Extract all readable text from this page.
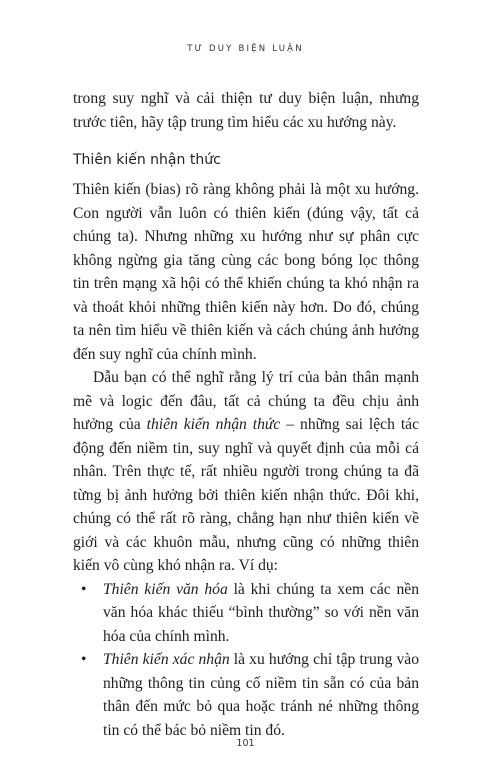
TƯ DUY BIỆN LUẬN

trong suy nghĩ và cải thiện tư duy biện luận, nhưng trước tiên, hãy tập trung tìm hiểu các xu hướng này.

Thiên kiến nhận thức

Thiên kiến (bias) rõ ràng không phải là một xu hướng. Con người vẫn luôn có thiên kiến (đúng vậy, tất cả chúng ta). Nhưng những xu hướng như sự phân cực không ngừng gia tăng cùng các bong bóng lọc thông tin trên mạng xã hội có thể khiến chúng ta khó nhận ra và thoát khỏi những thiên kiến này hơn. Do đó, chúng ta nên tìm hiểu về thiên kiến và cách chúng ảnh hưởng đến suy nghĩ của chính mình.

Dẫu bạn có thể nghĩ rằng lý trí của bản thân mạnh mẽ và logic đến đâu, tất cả chúng ta đều chịu ảnh hưởng của thiên kiến nhận thức – những sai lệch tác động đến niềm tin, suy nghĩ và quyết định của mỗi cá nhân. Trên thực tế, rất nhiều người trong chúng ta đã từng bị ảnh hưởng bởi thiên kiến nhận thức. Đôi khi, chúng có thể rất rõ ràng, chẳng hạn như thiên kiến về giới và các khuôn mẫu, nhưng cũng có những thiên kiến vô cùng khó nhận ra. Ví dụ:

• Thiên kiến văn hóa là khi chúng ta xem các nền văn hóa khác thiếu “bình thường” so với nền văn hóa của chính mình.
• Thiên kiến xác nhận là xu hướng chỉ tập trung vào những thông tin củng cố niềm tin sẵn có của bản thân đến mức bỏ qua hoặc tránh né những thông tin có thể bác bỏ niềm tin đó.
101
